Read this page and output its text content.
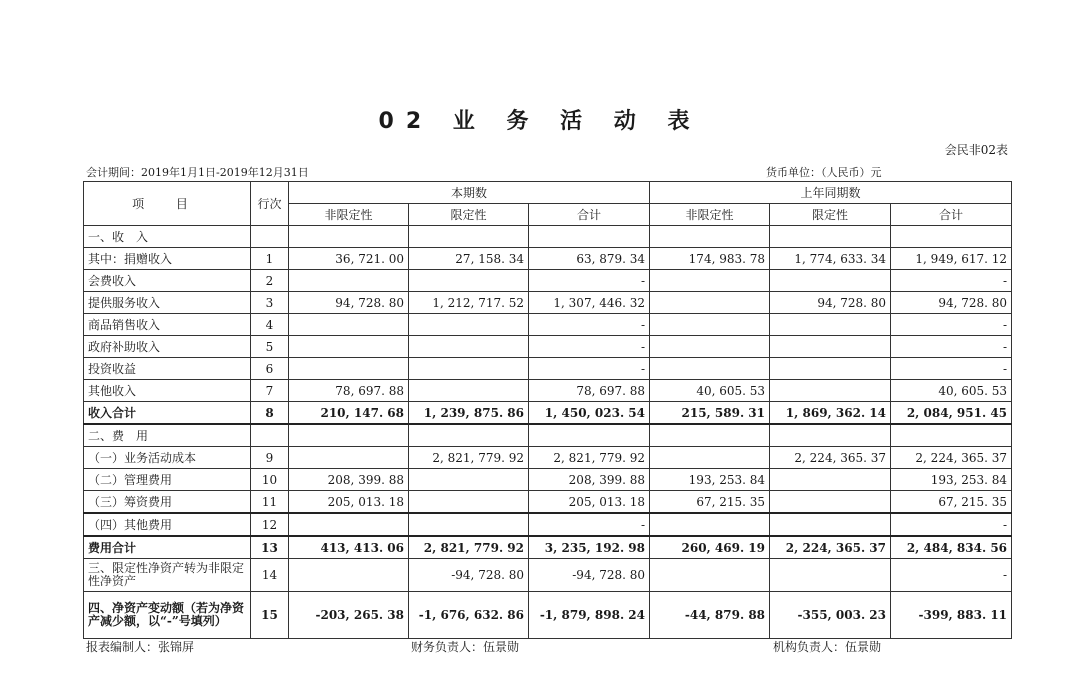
02 业 务 活 动 表
会民非02表
会计期间：2019年1月1日-2019年12月31日	货币单位：（人民币）元
项 目	行次	本期数			上年同期数		
		非限定性	限定性	合计	非限定性	限定性	合计
一、收　入							
其中：捐赠收入	1	36, 721. 00	27, 158. 34	63, 879. 34	174, 983. 78	1, 774, 633. 34	1, 949, 617. 12
会费收入	2			-			-
提供服务收入	3	94, 728. 80	1, 212, 717. 52	1, 307, 446. 32		94, 728. 80	94, 728. 80
商品销售收入	4			-			-
政府补助收入	5			-			-
投资收益	6			-			-
其他收入	7	78, 697. 88		78, 697. 88	40, 605. 53		40, 605. 53
收入合计	8	210, 147. 68	1, 239, 875. 86	1, 450, 023. 54	215, 589. 31	1, 869, 362. 14	2, 084, 951. 45
二、费　用							
（一）业务活动成本	9		2, 821, 779. 92	2, 821, 779. 92		2, 224, 365. 37	2, 224, 365. 37
（二）管理费用	10	208, 399. 88		208, 399. 88	193, 253. 84		193, 253. 84
（三）筹资费用	11	205, 013. 18		205, 013. 18	67, 215. 35		67, 215. 35
（四）其他费用	12			-			-
费用合计	13	413, 413. 06	2, 821, 779. 92	3, 235, 192. 98	260, 469. 19	2, 224, 365. 37	2, 484, 834. 56
三、限定性净资产转为非限定性净资产	14		-94, 728. 80	-94, 728. 80			-
四、净资产变动额（若为净资产减少额，以“-”号填列）	15	-203, 265. 38	-1, 676, 632. 86	-1, 879, 898. 24	-44, 879. 88	-355, 003. 23	-399, 883. 11
报表编制人：张锦屏	财务负责人：伍景勋	机构负责人：伍景勋
